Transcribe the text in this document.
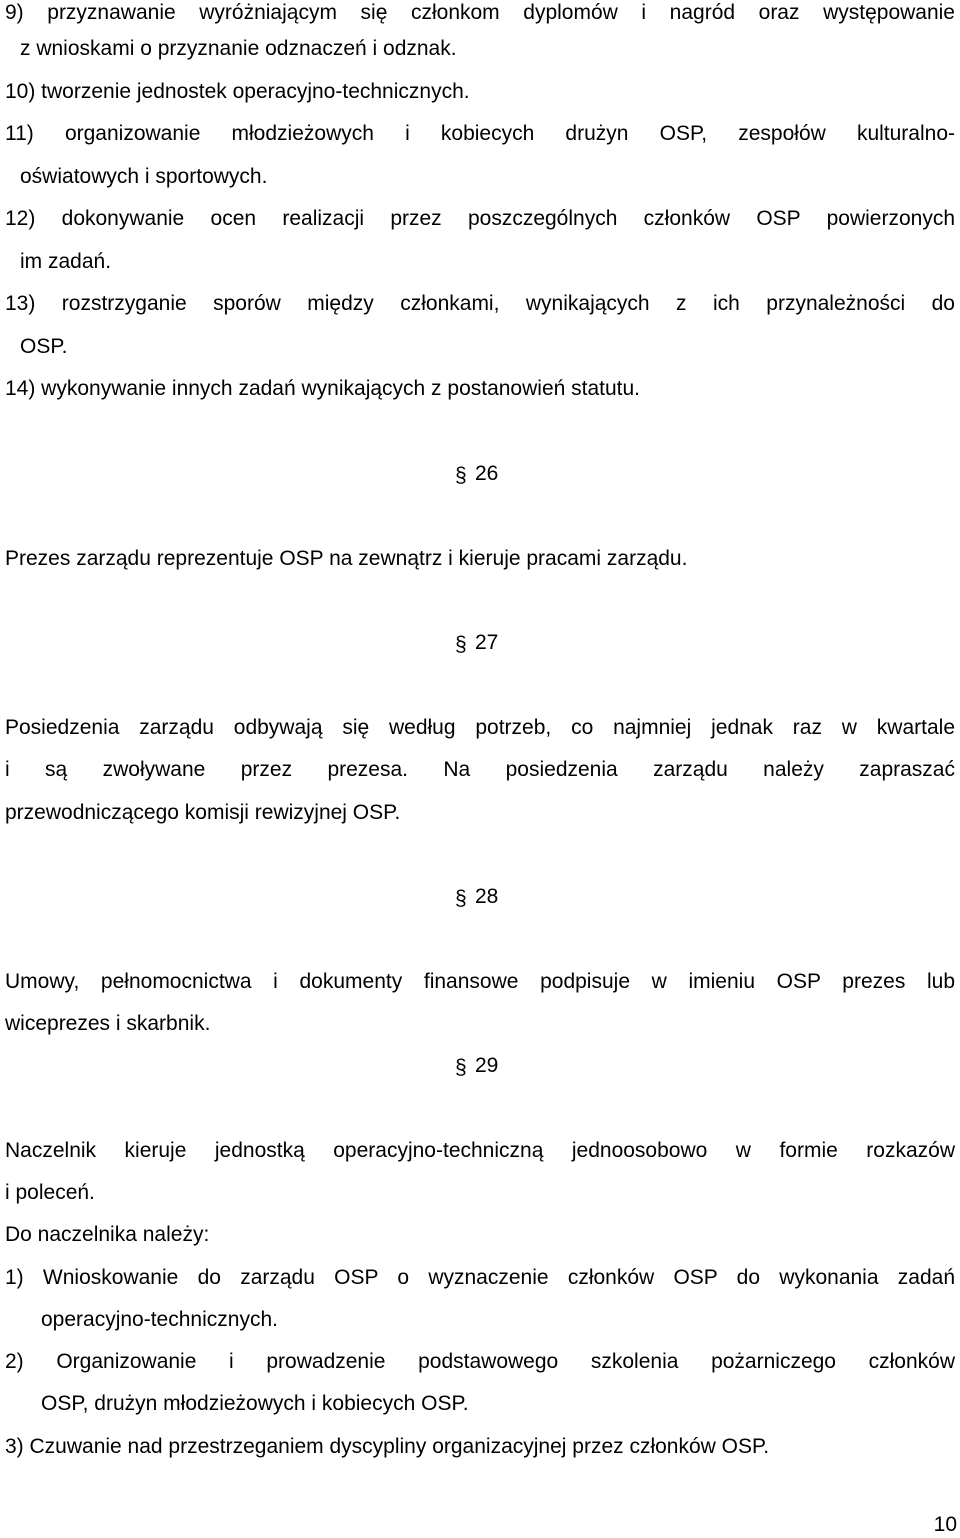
9) przyznawanie wyróżniającym się członkom dyplomów i nagród oraz występowanie
z wnioskami o przyznanie odznaczeń i odznak.
10) tworzenie jednostek operacyjno-technicznych.
11) organizowanie młodzieżowych i kobiecych drużyn OSP, zespołów kulturalno-
oświatowych i sportowych.
12) dokonywanie ocen realizacji przez poszczególnych członków OSP powierzonych
im zadań.
13) rozstrzyganie sporów między członkami, wynikających z ich przynależności do
OSP.
14) wykonywanie innych zadań wynikających z postanowień statutu.
§ 26
Prezes zarządu reprezentuje OSP na zewnątrz i kieruje pracami zarządu.
§ 27
Posiedzenia zarządu odbywają się według potrzeb, co najmniej jednak raz w kwartale
i są zwoływane przez prezesa. Na posiedzenia zarządu należy zapraszać
przewodniczącego komisji rewizyjnej OSP.
§ 28
Umowy, pełnomocnictwa i dokumenty finansowe podpisuje w imieniu OSP prezes lub
wiceprezes i skarbnik.
§ 29
Naczelnik kieruje jednostką operacyjno-techniczną jednoosobowo w formie rozkazów
i poleceń.
Do naczelnika należy:
1) Wnioskowanie do zarządu OSP o wyznaczenie członków OSP do wykonania zadań
operacyjno-technicznych.
2) Organizowanie i prowadzenie podstawowego szkolenia pożarniczego członków
OSP, drużyn młodzieżowych i kobiecych OSP.
3) Czuwanie nad przestrzeganiem dyscypliny organizacyjnej przez członków OSP.
10
